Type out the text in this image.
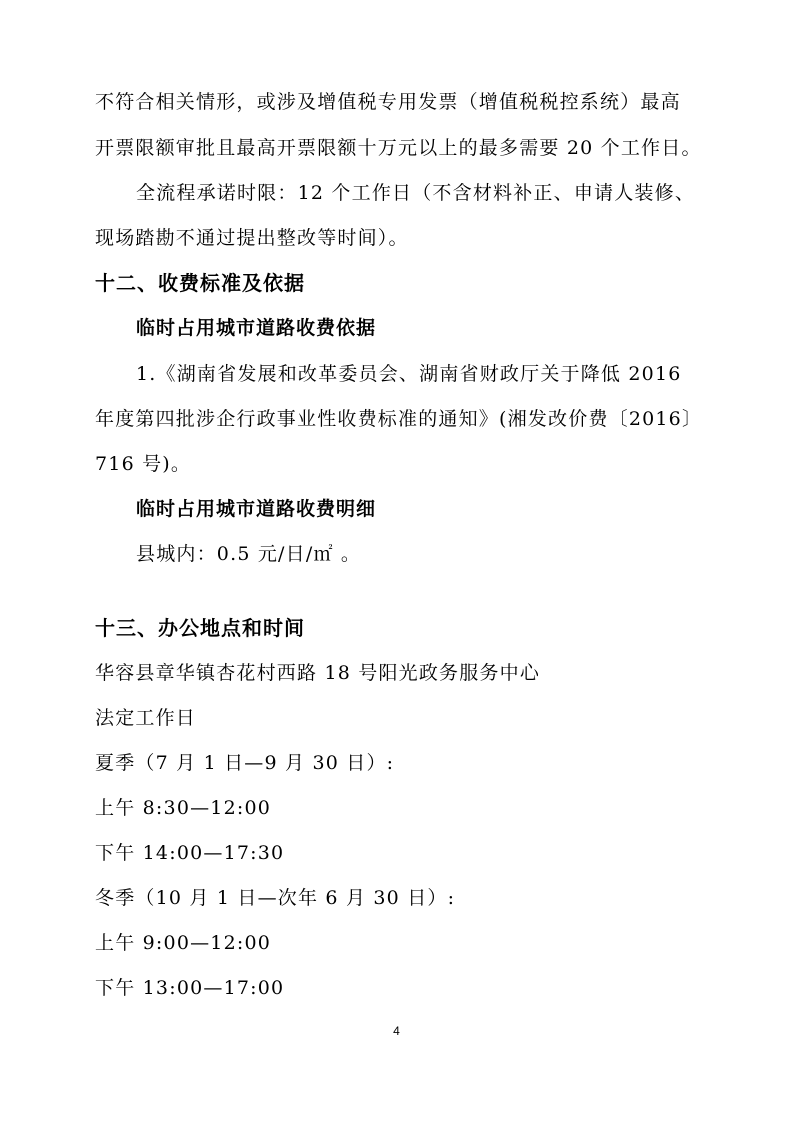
不符合相关情形，或涉及增值税专用发票（增值税税控系统）最高
开票限额审批且最高开票限额十万元以上的最多需要 20 个工作日。
全流程承诺时限：12 个工作日（不含材料补正、申请人装修、
现场踏勘不通过提出整改等时间）。
十二、收费标准及依据
临时占用城市道路收费依据
1.《湖南省发展和改革委员会、湖南省财政厅关于降低 2016
年度第四批涉企行政事业性收费标准的通知》(湘发改价费〔2016〕
716 号)。
临时占用城市道路收费明细
县城内：0.5 元/日/㎡ 。
十三、办公地点和时间
华容县章华镇杏花村西路 18 号阳光政务服务中心
法定工作日
夏季（7 月 1 日—9 月 30 日）:
上午 8:30—12:00
下午 14:00—17:30
冬季（10 月 1 日—次年 6 月 30 日）:
上午 9:00—12:00
下午 13:00—17:00
4
